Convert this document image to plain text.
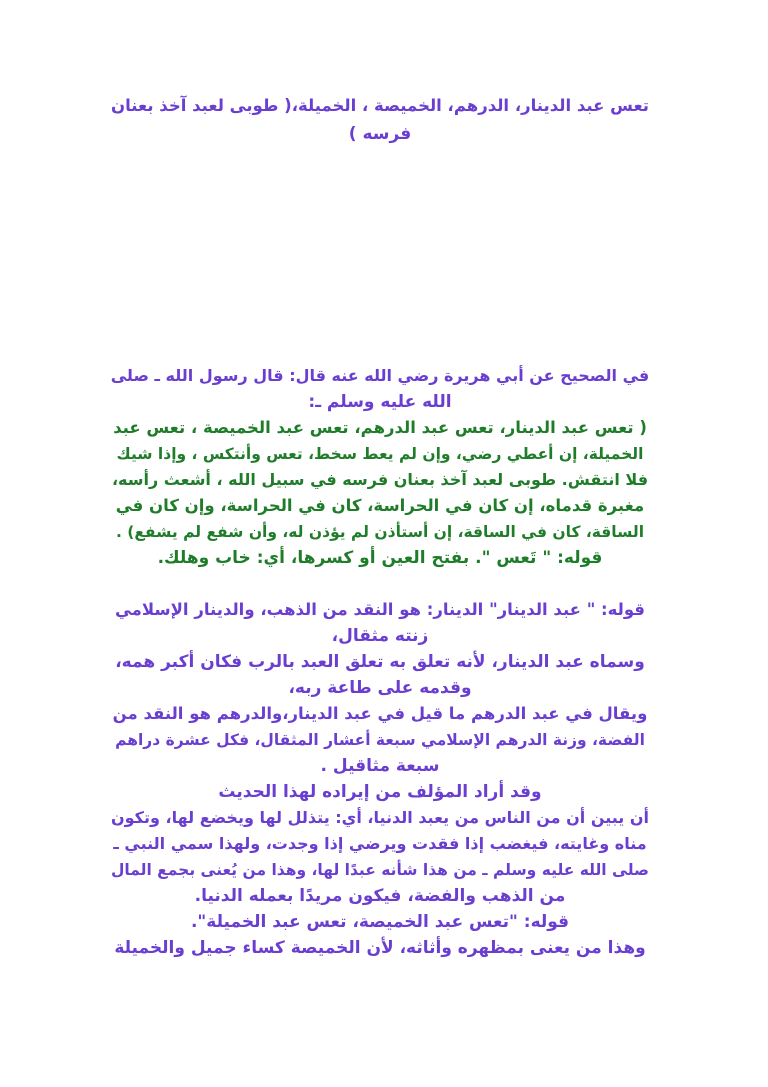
تعس عبد الدينار، الدرهم، الخميصة ، الخميلة،( طوبى لعبد آخذ بعنان
فرسه )
في الصحيح عن أبي هريرة رضي الله عنه قال: قال رسول الله ـ صلى
الله عليه وسلم ـ:
( تعس عبد الدينار، تعس عبد الدرهم، تعس عبد الخميصة ، تعس عبد
الخميلة، إن أعطي رضي، وإن لم يعط سخط، تعس وأنتكس ، وإذا شيك
فلا انتقش. طوبى لعبد آخذ بعنان فرسه في سبيل الله ، أشعث رأسه،
مغبرة قدماه، إن كان في الحراسة، كان في الحراسة، وإن كان في
الساقة، كان في الساقة، إن أستأذن لم يؤذن له، وأن شفع لم يشفع) .
قوله: " تَعس ". بفتح العين أو كسرها، أي: خاب وهلك.
قوله: " عبد الدينار" الدينار: هو النقد من الذهب، والدينار الإسلامي
زنته مثقال،
وسماه عبد الدينار، لأنه تعلق به تعلق العبد بالرب فكان أكبر همه،
وقدمه على طاعة ربه،
ويقال في عبد الدرهم ما قيل في عبد الدينار،والدرهم هو النقد من
الفضة، وزنة الدرهم الإسلامي سبعة أعشار المثقال، فكل عشرة دراهم
سبعة مثاقيل .
وقد أراد المؤلف من إيراده لهذا الحديث
أن يبين أن من الناس من يعبد الدنيا، أي: يتذلل لها ويخضع لها، وتكون
مناه وغايته، فيغضب إذا فقدت ويرضي إذا وجدت، ولهذا سمي النبي ـ
صلى الله عليه وسلم ـ من هذا شأنه عبدًا لها، وهذا من يُعنى بجمع المال
من الذهب والفضة، فيكون مريدًا بعمله الدنيا.
قوله: "تعس عبد الخميصة، تعس عبد الخميلة".
وهذا من يعنى بمظهره وأثاثه، لأن الخميصة كساء جميل والخميلة
